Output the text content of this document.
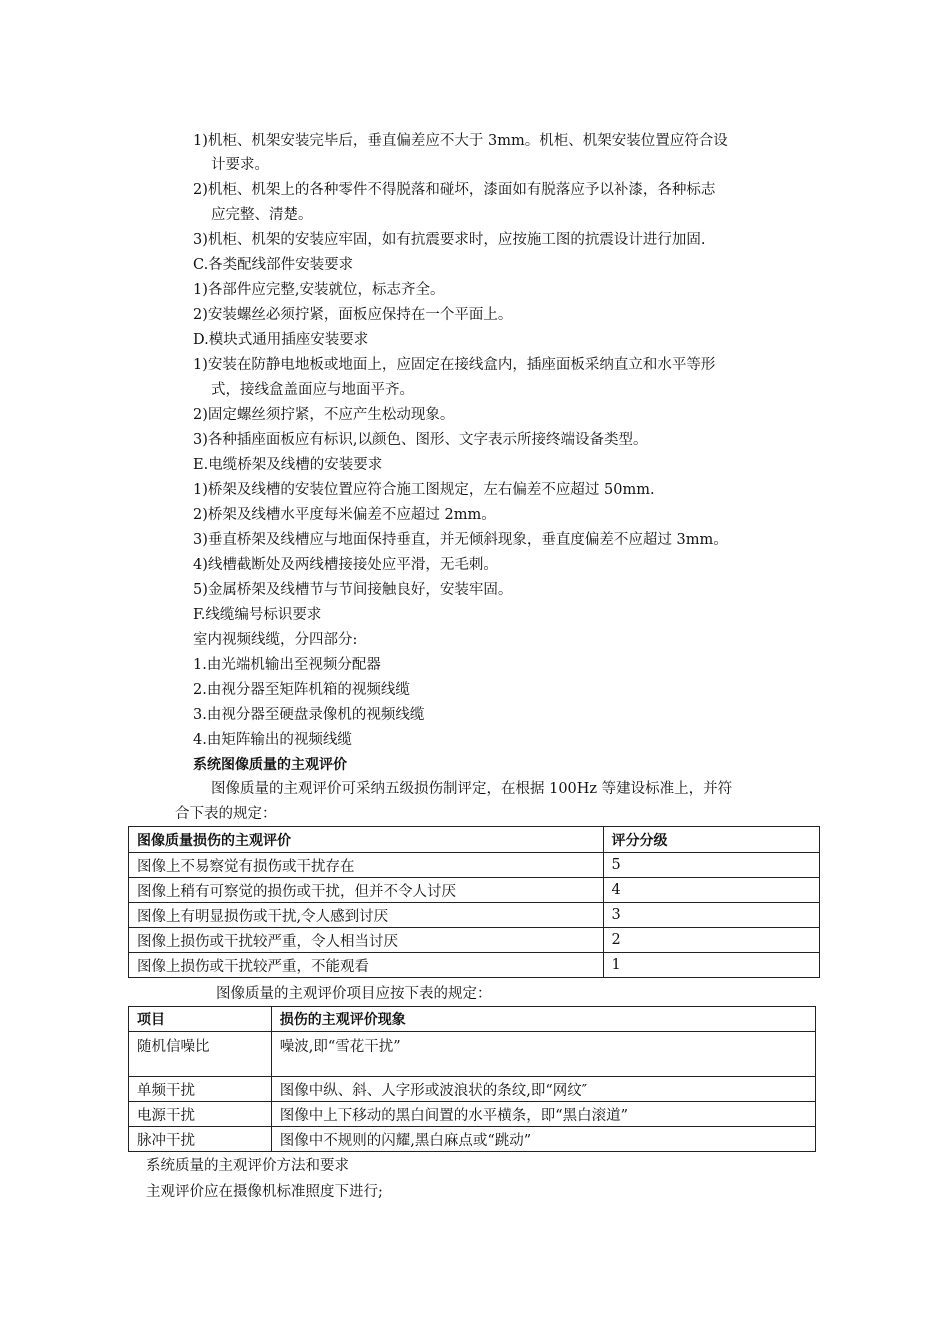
1)机柜、机架安装完毕后，垂直偏差应不大于 3mm。机柜、机架安装位置应符合设
计要求。
2)机柜、机架上的各种零件不得脱落和碰坏，漆面如有脱落应予以补漆，各种标志
应完整、清楚。
3)机柜、机架的安装应牢固，如有抗震要求时，应按施工图的抗震设计进行加固.
C.各类配线部件安装要求
1)各部件应完整,安装就位，标志齐全。
2)安装螺丝必须拧紧，面板应保持在一个平面上。
D.模块式通用插座安装要求
1)安装在防静电地板或地面上，应固定在接线盒内，插座面板采纳直立和水平等形
式，接线盒盖面应与地面平齐。
2)固定螺丝须拧紧，不应产生松动现象。
3)各种插座面板应有标识,以颜色、图形、文字表示所接终端设备类型。
E.电缆桥架及线槽的安装要求
1)桥架及线槽的安装位置应符合施工图规定，左右偏差不应超过 50mm.
2)桥架及线槽水平度每米偏差不应超过 2mm。
3)垂直桥架及线槽应与地面保持垂直，并无倾斜现象，垂直度偏差不应超过 3mm。
4)线槽截断处及两线槽接接处应平滑，无毛刺。
5)金属桥架及线槽节与节间接触良好，安装牢固。
F.线缆编号标识要求
室内视频线缆，分四部分:
1.由光端机输出至视频分配器
2.由视分器至矩阵机箱的视频线缆
3.由视分器至硬盘录像机的视频线缆
4.由矩阵输出的视频线缆
系统图像质量的主观评价
图像质量的主观评价可采纳五级损伤制评定，在根据 100Hz 等建设标准上，并符
合下表的规定：
图像质量损伤的主观评价	评分分级
图像上不易察觉有损伤或干扰存在	5
图像上稍有可察觉的损伤或干扰，但并不令人讨厌	4
图像上有明显损伤或干扰,令人感到讨厌	3
图像上损伤或干扰较严重，令人相当讨厌	2
图像上损伤或干扰较严重，不能观看	1
图像质量的主观评价项目应按下表的规定：
项目	损伤的主观评价现象
随机信噪比	噪波,即“雪花干扰”
单频干扰	图像中纵、斜、人字形或波浪状的条纹,即“网纹″
电源干扰	图像中上下移动的黑白间置的水平横条，即“黑白滚道”
脉冲干扰	图像中不规则的闪耀,黑白麻点或“跳动”
系统质量的主观评价方法和要求
主观评价应在摄像机标准照度下进行;
